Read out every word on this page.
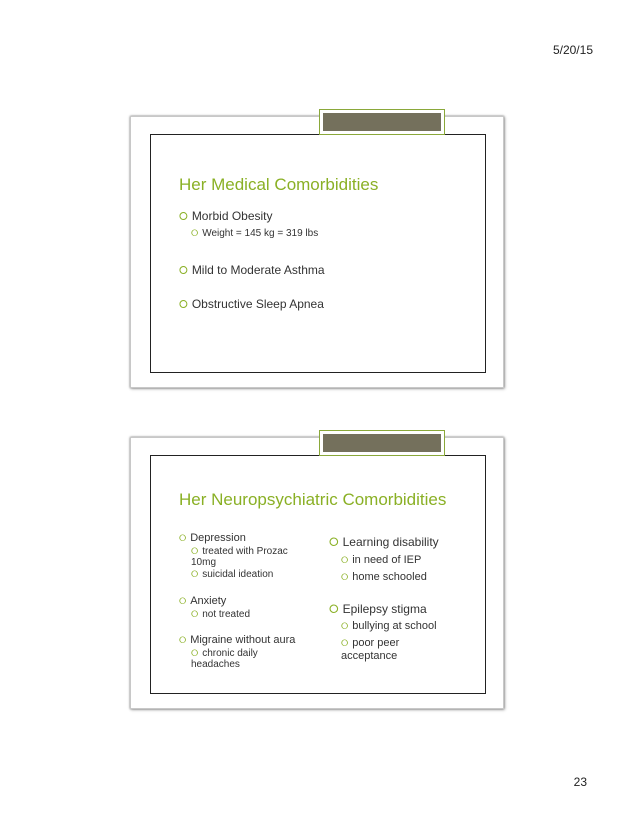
5/20/15
Her Medical Comorbidities
⭘ Morbid Obesity
⭘ Weight = 145 kg = 319 lbs
⭘ Mild to Moderate Asthma
⭘ Obstructive Sleep Apnea
Her Neuropsychiatric Comorbidities
⭘ Depression
⭘ treated with Prozac 10mg
⭘ suicidal ideation
⭘ Anxiety
⭘ not treated
⭘ Migraine without aura
⭘ chronic daily headaches
⭘ Learning disability
⭘ in need of IEP
⭘ home schooled
⭘ Epilepsy stigma
⭘ bullying at school
⭘ poor peer acceptance
23
